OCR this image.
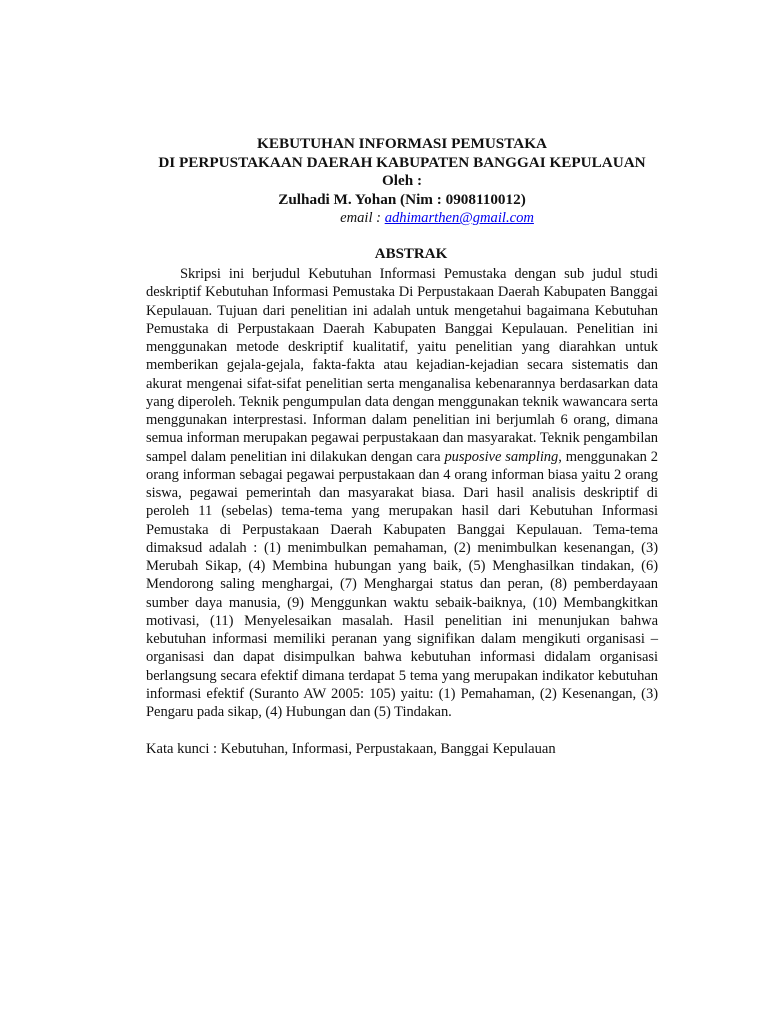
KEBUTUHAN INFORMASI PEMUSTAKA
DI PERPUSTAKAAN DAERAH KABUPATEN BANGGAI KEPULAUAN
Oleh :
Zulhadi M. Yohan (Nim : 0908110012)
email : adhimarthen@gmail.com
ABSTRAK

Skripsi ini berjudul Kebutuhan Informasi Pemustaka dengan sub judul studi deskriptif Kebutuhan Informasi Pemustaka Di Perpustakaan Daerah Kabupaten Banggai Kepulauan. Tujuan dari penelitian ini adalah untuk mengetahui bagaimana Kebutuhan Pemustaka di Perpustakaan Daerah Kabupaten Banggai Kepulauan. Penelitian ini menggunakan metode deskriptif kualitatif, yaitu penelitian yang diarahkan untuk memberikan gejala-gejala, fakta-fakta atau kejadian-kejadian secara sistematis dan akurat mengenai sifat-sifat penelitian serta menganalisa kebenarannya berdasarkan data yang diperoleh. Teknik pengumpulan data dengan menggunakan teknik wawancara serta menggunakan interprestasi. Informan dalam penelitian ini berjumlah 6 orang, dimana semua informan merupakan pegawai perpustakaan dan masyarakat. Teknik pengambilan sampel dalam penelitian ini dilakukan dengan cara pusposive sampling, menggunakan 2 orang informan sebagai pegawai perpustakaan dan 4 orang informan biasa yaitu 2 orang siswa, pegawai pemerintah dan masyarakat biasa. Dari hasil analisis deskriptif di peroleh 11 (sebelas) tema-tema yang merupakan hasil dari Kebutuhan Informasi Pemustaka di Perpustakaan Daerah Kabupaten Banggai Kepulauan. Tema-tema dimaksud adalah : (1) menimbulkan pemahaman, (2) menimbulkan kesenangan, (3) Merubah Sikap, (4) Membina hubungan yang baik, (5) Menghasilkan tindakan, (6) Mendorong saling menghargai, (7) Menghargai status dan peran, (8) pemberdayaan sumber daya manusia, (9) Menggunkan waktu sebaik-baiknya, (10) Membangkitkan motivasi, (11) Menyelesaikan masalah. Hasil penelitian ini menunjukan bahwa kebutuhan informasi memiliki peranan yang signifikan dalam mengikuti organisasi – organisasi dan dapat disimpulkan bahwa kebutuhan informasi didalam organisasi berlangsung secara efektif dimana terdapat 5 tema yang merupakan indikator kebutuhan informasi efektif (Suranto AW 2005: 105) yaitu: (1) Pemahaman, (2) Kesenangan, (3) Pengaru pada sikap, (4) Hubungan dan (5) Tindakan.

Kata kunci : Kebutuhan, Informasi, Perpustakaan, Banggai Kepulauan
